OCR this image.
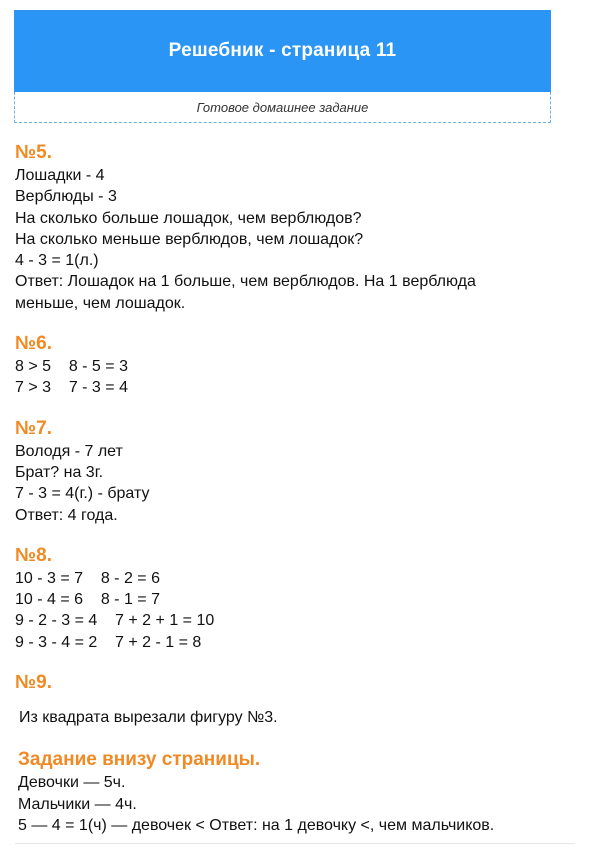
Решебник - страница 11
Готовое домашнее задание

№5.

Лошадки - 4

Верблюды - 3

На сколько больше лошадок, чем верблюдов?

На сколько меньше верблюдов, чем лошадок?

4 - 3 = 1(л.)

Ответ: Лошадок на 1 больше, чем верблюдов. На 1 верблюда меньше, чем лошадок.

№6.

8 > 5    8 - 5 = 3

7 > 3    7 - 3 = 4

№7.

Володя - 7 лет

Брат? на 3г.

7 - 3 = 4(г.) - брату

Ответ: 4 года.

№8.

10 - 3 = 7    8 - 2 = 6

10 - 4 = 6    8 - 1 = 7

9 - 2 - 3 = 4    7 + 2 + 1 = 10

9 - 3 - 4 = 2    7 + 2 - 1 = 8

№9.

Из квадрата вырезали фигуру №3.

Задание внизу страницы.

Девочки — 5ч.

Мальчики — 4ч.

5 — 4 = 1(ч) — девочек < Ответ: на 1 девочку <, чем мальчиков.
